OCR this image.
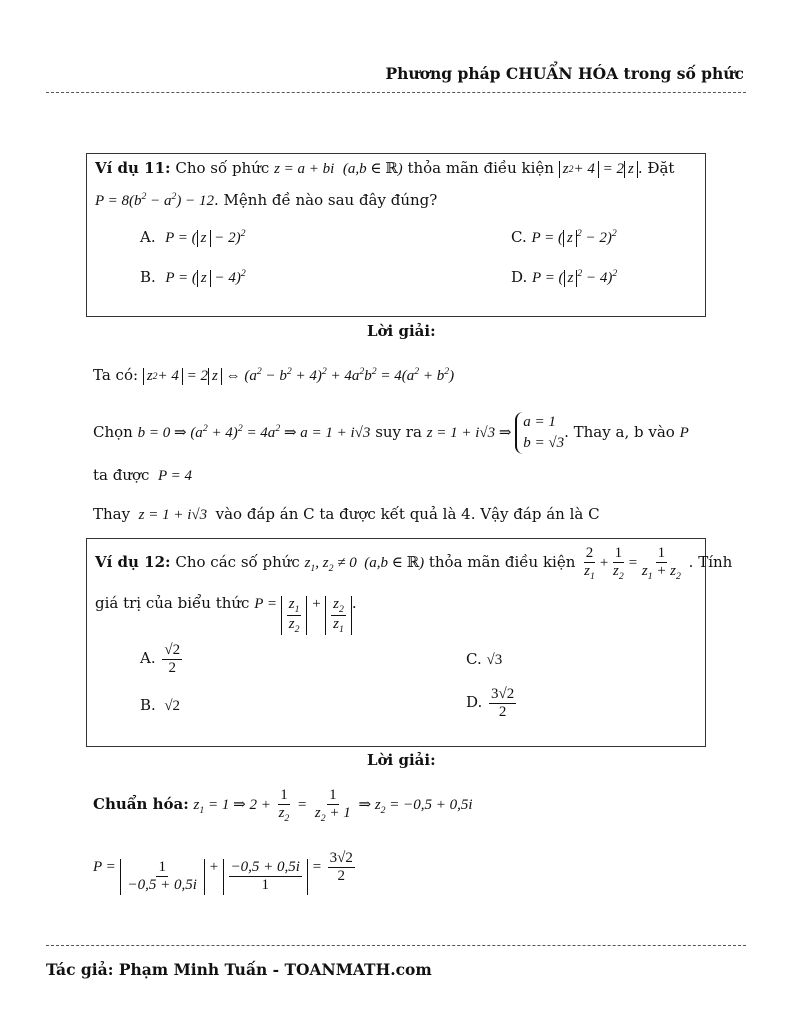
Phương pháp CHUẨN HÓA trong số phức
Ví dụ 11: Cho số phức z = a + bi  (a,b ∈ ℝ) thỏa mãn điều kiện z 2 + 4 = 2 z . Đặt
$P = 8(b^2 - a^2) - 12$. Mệnh đề nào sau đây đúng?
A. P = ( z − 2)$^2$	C. P = ( z $^2$ − 2)$^2$
B. P = ( z − 4)$^2$	D. P = ( z $^2$ − 4)$^2$
Lời giải:
Ta có: z 2 + 4 = 2 z ⇔ $(a^2 - b^2 + 4)^2 + 4a^2b^2 = 4(a^2 + b^2)$
Chọn b = 0 ⇒ $(a^2 + 4)^2 = 4a^2$ ⇒ a = 1 + i√3 suy ra z = 1 + i√3 ⇒
a = 1
b = √3
. Thay a, b vào P
ta được  P = 4
Thay  z = 1 + i√3  vào đáp án C ta được kết quả là 4. Vậy đáp án là C
Ví dụ 12: Cho các số phức $z_1$, $z_2 \ne 0$  (a,b ∈ ℝ) thỏa mãn điều kiện $\frac{2}{z_1} + \frac{1}{z_2} = \frac{1}{z_1 + z_2}$ . Tính
giá trị của biểu thức $P = \frac{z_1}{z_2} + \frac{z_2}{z_1}$ .
A. $\frac{√2}{2}$	C. √3
B.  √2	D. $\frac{3√2}{2}$
Lời giải:
Chuẩn hóa: $z_1 = 1$ ⇒ $2 + \frac{1}{z_2} = \frac{1}{z_2 + 1}$ ⇒ $z_2 = -0,5 + 0,5i$
$P = \frac{1}{-0,5 + 0,5i} + \frac{-0,5 + 0,5i}{1} = \frac{3√2}{2}$
Tác giả: Phạm Minh Tuấn - TOANMATH.com
